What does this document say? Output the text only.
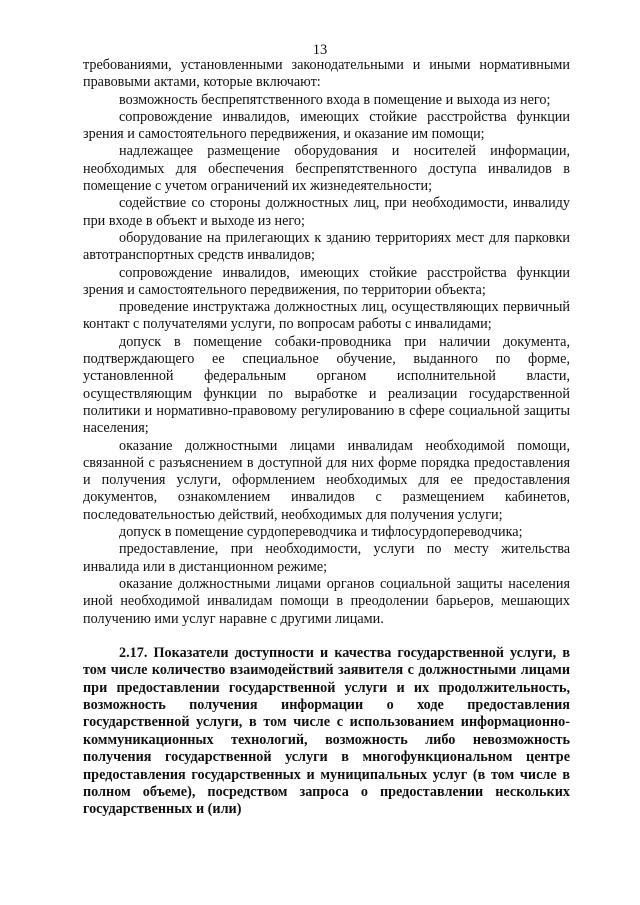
13

требованиями, установленными законодательными и иными нормативными правовыми актами, которые включают:

возможность беспрепятственного входа в помещение и выхода из него;

сопровождение инвалидов, имеющих стойкие расстройства функции зрения и самостоятельного передвижения, и оказание им помощи;

надлежащее размещение оборудования и носителей информации, необходимых для обеспечения беспрепятственного доступа инвалидов в помещение с учетом ограничений их жизнедеятельности;

содействие со стороны должностных лиц, при необходимости, инвалиду при входе в объект и выходе из него;

оборудование на прилегающих к зданию территориях мест для парковки автотранспортных средств инвалидов;

сопровождение инвалидов, имеющих стойкие расстройства функции зрения и самостоятельного передвижения, по территории объекта;

проведение инструктажа должностных лиц, осуществляющих первичный контакт с получателями услуги, по вопросам работы с инвалидами;

допуск в помещение собаки-проводника при наличии документа, подтверждающего ее специальное обучение, выданного по форме, установленной федеральным органом исполнительной власти, осуществляющим функции по выработке и реализации государственной политики и нормативно-правовому регулированию в сфере социальной защиты населения;

оказание должностными лицами инвалидам необходимой помощи, связанной с разъяснением в доступной для них форме порядка предоставления и получения услуги, оформлением необходимых для ее предоставления документов, ознакомлением инвалидов с размещением кабинетов, последовательностью действий, необходимых для получения услуги;

допуск в помещение сурдопереводчика и тифлосурдопереводчика;

предоставление, при необходимости, услуги по месту жительства инвалида или в дистанционном режиме;

оказание должностными лицами органов социальной защиты населения иной необходимой инвалидам помощи в преодолении барьеров, мешающих получению ими услуг наравне с другими лицами.

2.17. Показатели доступности и качества государственной услуги, в том числе количество взаимодействий заявителя с должностными лицами при предоставлении государственной услуги и их продолжительность, возможность получения информации о ходе предоставления государственной услуги, в том числе с использованием информационно-коммуникационных технологий, возможность либо невозможность получения государственной услуги в многофункциональном центре предоставления государственных и муниципальных услуг (в том числе в полном объеме), посредством запроса о предоставлении нескольких государственных и (или)
